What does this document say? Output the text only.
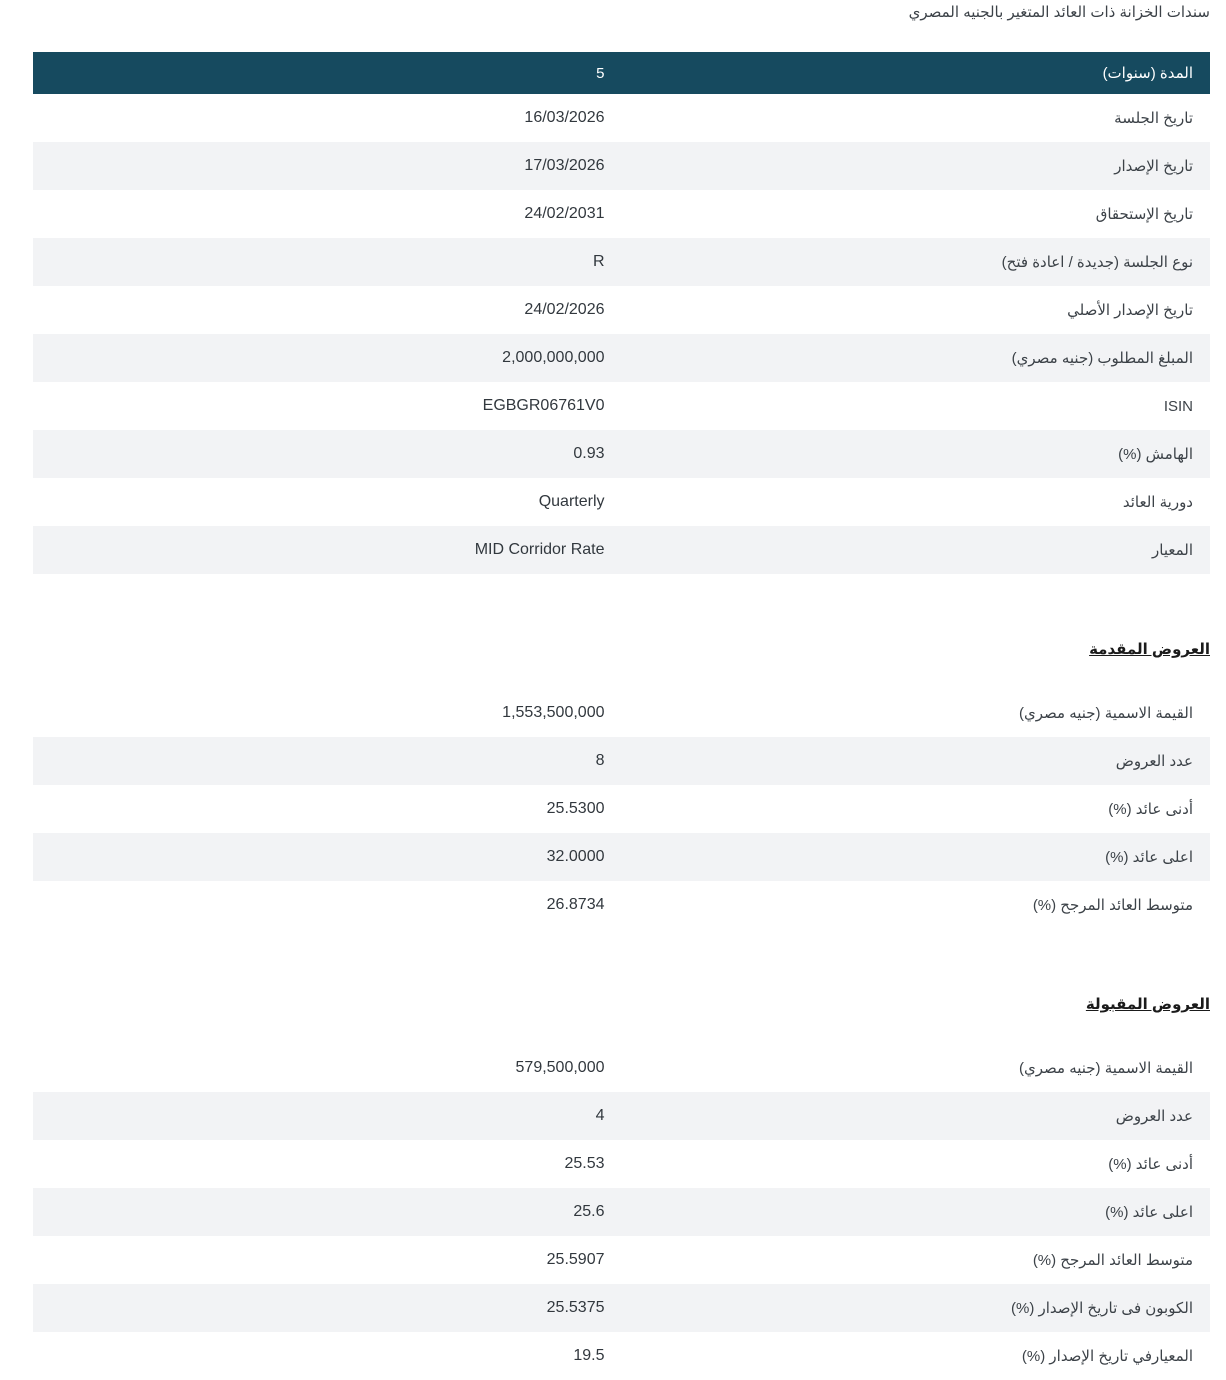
سندات الخزانة ذات العائد المتغير بالجنيه المصري
المدة (سنوات)	5
تاريخ الجلسة	16/03/2026
تاريخ الإصدار	17/03/2026
تاريخ الإستحقاق	24/02/2031
نوع الجلسة (جديدة / اعادة فتح)	R
تاريخ الإصدار الأصلي	24/02/2026
المبلغ المطلوب (جنيه مصري)	2,000,000,000
ISIN	EGBGR06761V0
الهامش (%)	0.93
دورية العائد	Quarterly
المعيار	MID Corridor Rate
العروض المقدمة
القيمة الاسمية (جنيه مصري)	1,553,500,000
عدد العروض	8
أدنى عائد (%)	25.5300
اعلى عائد (%)	32.0000
متوسط العائد المرجح (%)	26.8734
العروض المقبولة
القيمة الاسمية (جنيه مصري)	579,500,000
عدد العروض	4
أدنى عائد (%)	25.53
اعلى عائد (%)	25.6
متوسط العائد المرجح (%)	25.5907
الكوبون فى تاريخ الإصدار (%)	25.5375
المعيارفي تاريخ الإصدار (%)	19.5
